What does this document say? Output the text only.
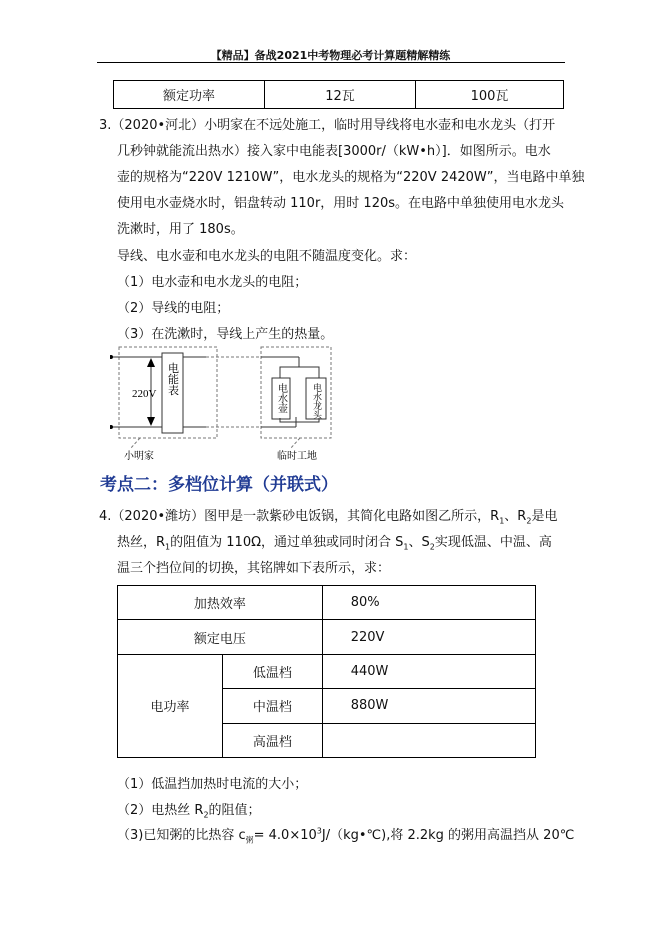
【精品】备战2021中考物理必考计算题精解精练
额定功率	12瓦	100瓦
3.（2020•河北）小明家在不远处施工，临时用导线将电水壶和电水龙头（打开
几秒钟就能流出热水）接入家中电能表[3000r/（kW•h）]．如图所示。电水
壶的规格为“220V 1210W”，电水龙头的规格为“220V 2420W”，当电路中单独
使用电水壶烧水时，铝盘转动 110r，用时 120s。在电路中单独使用电水龙头
洗漱时，用了 180s。
导线、电水壶和电水龙头的电阻不随温度变化。求：
（1）电水壶和电水龙头的电阻；
（2）导线的电阻；
（3）在洗漱时，导线上产生的热量。
220V 电能表
电水壶	电水龙头
小明家	临时工地
考点二：多档位计算（并联式）
4.（2020•潍坊）图甲是一款紫砂电饭锅，其简化电路如图乙所示，$R_1$、$R_2$是电
热丝，$R_1$的阻值为 110Ω，通过单独或同时闭合 $S_1$、$S_2$实现低温、中温、高
温三个挡位间的切换，其铭牌如下表所示，求：
加热效率		80%
额定电压		220V
电功率	低温档	440W
	中温档	880W
	高温档	
（1）低温挡加热时电流的大小；
（2）电热丝 $R_2$的阻值；
（3)已知粥的比热容 $c_粥=$ $4.0\times 10^3J/(kg•℃)$,将 2.2kg 的粥用高温挡从 20℃
